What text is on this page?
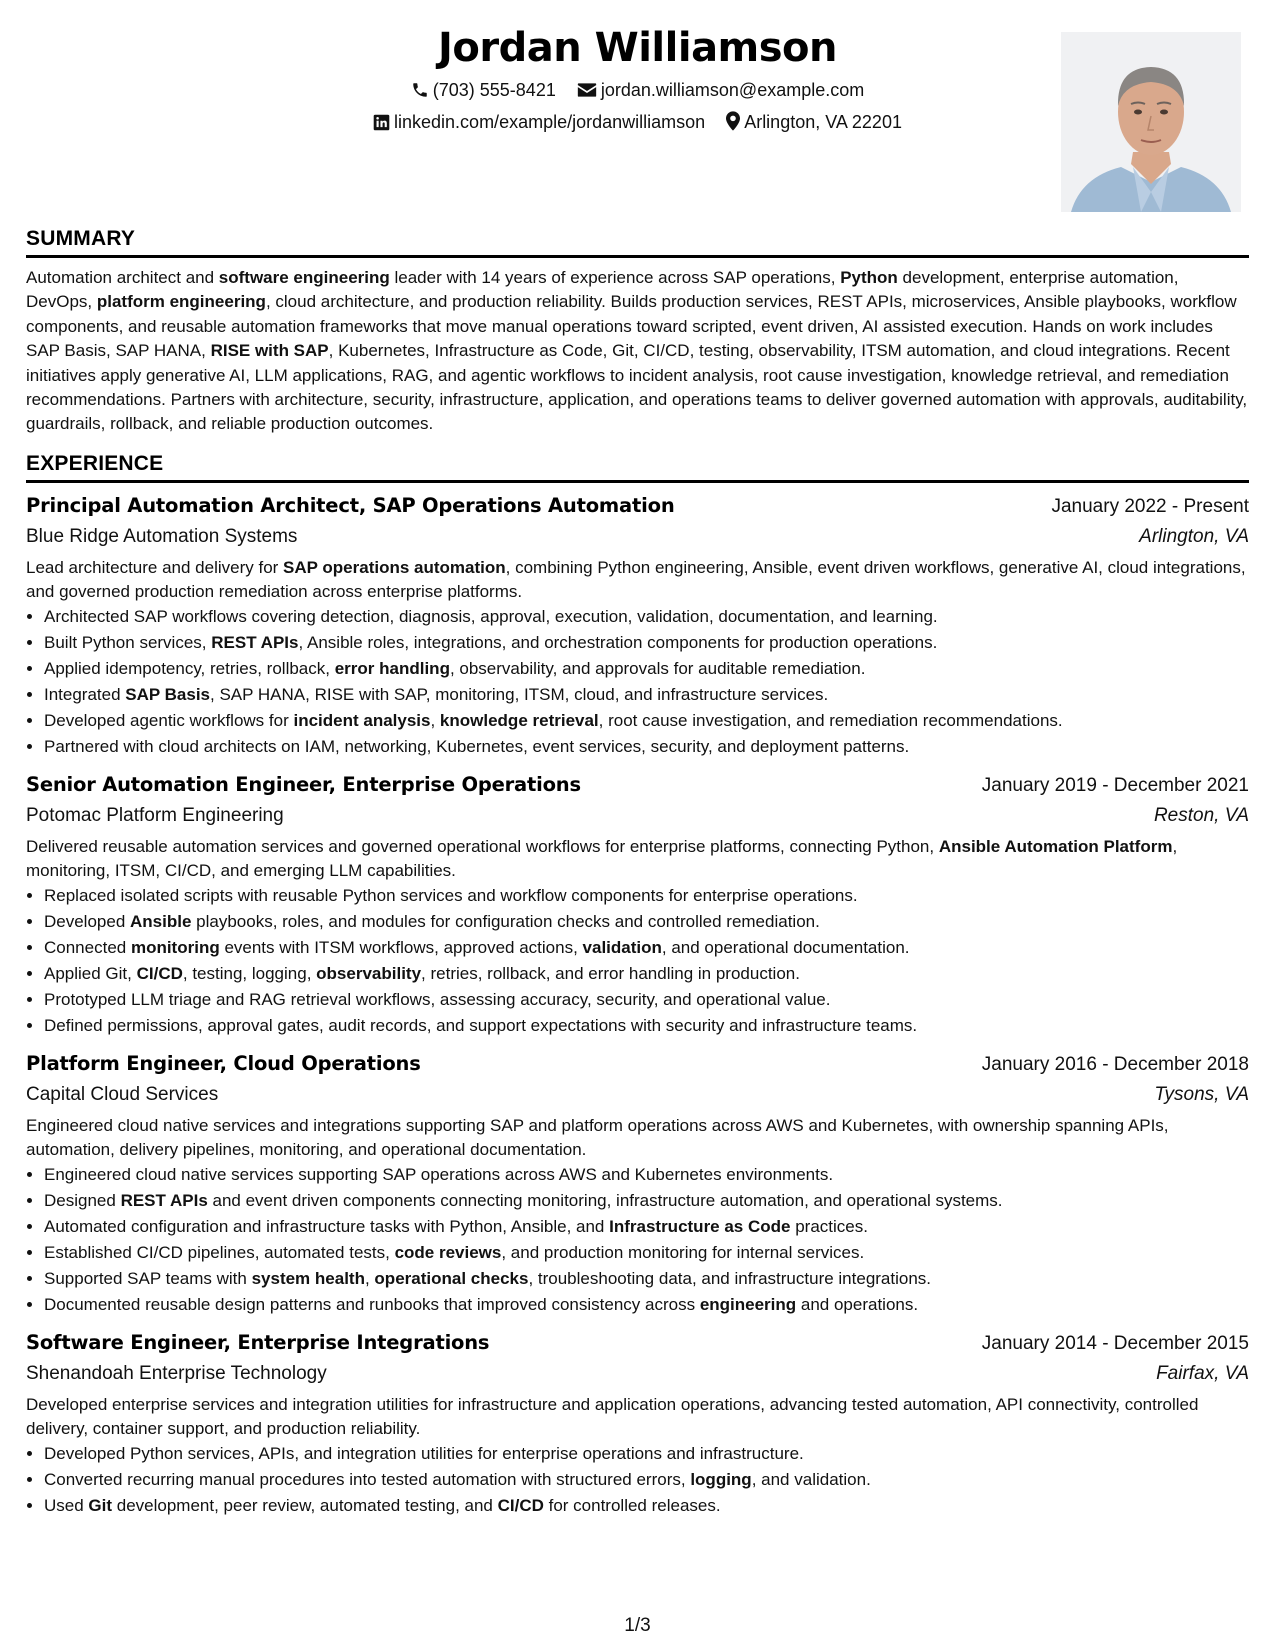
Jordan Williamson
(703) 555-8421	jordan.williamson@example.com
linkedin.com/example/jordanwilliamson Arlington, VA 22201
SUMMARY

Automation architect and software engineering leader with 14 years of experience across SAP operations, Python development, enterprise automation, DevOps, platform engineering, cloud architecture, and production reliability. Builds production services, REST APIs, microservices, Ansible playbooks, workflow components, and reusable automation frameworks that move manual operations toward scripted, event driven, AI assisted execution. Hands on work includes SAP Basis, SAP HANA, RISE with SAP, Kubernetes, Infrastructure as Code, Git, CI/CD, testing, observability, ITSM automation, and cloud integrations. Recent initiatives apply generative AI, LLM applications, RAG, and agentic workflows to incident analysis, root cause investigation, knowledge retrieval, and remediation recommendations. Partners with architecture, security, infrastructure, application, and operations teams to deliver governed automation with approvals, auditability, guardrails, rollback, and reliable production outcomes.

EXPERIENCE
Principal Automation Architect, SAP Operations Automation	January 2022 - Present
Blue Ridge Automation Systems	Arlington, VA

Lead architecture and delivery for SAP operations automation, combining Python engineering, Ansible, event driven workflows, generative AI, cloud integrations, and governed production remediation across enterprise platforms.

• Architected SAP workflows covering detection, diagnosis, approval, execution, validation, documentation, and learning.
• Built Python services, REST APIs, Ansible roles, integrations, and orchestration components for production operations.
• Applied idempotency, retries, rollback, error handling, observability, and approvals for auditable remediation.
• Integrated SAP Basis, SAP HANA, RISE with SAP, monitoring, ITSM, cloud, and infrastructure services.
• Developed agentic workflows for incident analysis, knowledge retrieval, root cause investigation, and remediation recommendations.
• Partnered with cloud architects on IAM, networking, Kubernetes, event services, security, and deployment patterns.
Senior Automation Engineer, Enterprise Operations	January 2019 - December 2021
Potomac Platform Engineering	Reston, VA

Delivered reusable automation services and governed operational workflows for enterprise platforms, connecting Python, Ansible Automation Platform, monitoring, ITSM, CI/CD, and emerging LLM capabilities.

• Replaced isolated scripts with reusable Python services and workflow components for enterprise operations.
• Developed Ansible playbooks, roles, and modules for configuration checks and controlled remediation.
• Connected monitoring events with ITSM workflows, approved actions, validation, and operational documentation.
• Applied Git, CI/CD, testing, logging, observability, retries, rollback, and error handling in production.
• Prototyped LLM triage and RAG retrieval workflows, assessing accuracy, security, and operational value.
• Defined permissions, approval gates, audit records, and support expectations with security and infrastructure teams.
Platform Engineer, Cloud Operations	January 2016 - December 2018
Capital Cloud Services	Tysons, VA

Engineered cloud native services and integrations supporting SAP and platform operations across AWS and Kubernetes, with ownership spanning APIs, automation, delivery pipelines, monitoring, and operational documentation.

• Engineered cloud native services supporting SAP operations across AWS and Kubernetes environments.
• Designed REST APIs and event driven components connecting monitoring, infrastructure automation, and operational systems.
• Automated configuration and infrastructure tasks with Python, Ansible, and Infrastructure as Code practices.
• Established CI/CD pipelines, automated tests, code reviews, and production monitoring for internal services.
• Supported SAP teams with system health, operational checks, troubleshooting data, and infrastructure integrations.
• Documented reusable design patterns and runbooks that improved consistency across engineering and operations.
Software Engineer, Enterprise Integrations	January 2014 - December 2015
Shenandoah Enterprise Technology	Fairfax, VA

Developed enterprise services and integration utilities for infrastructure and application operations, advancing tested automation, API connectivity, controlled delivery, container support, and production reliability.

• Developed Python services, APIs, and integration utilities for enterprise operations and infrastructure.
• Converted recurring manual procedures into tested automation with structured errors, logging, and validation.
• Used Git development, peer review, automated testing, and CI/CD for controlled releases.
1/3
